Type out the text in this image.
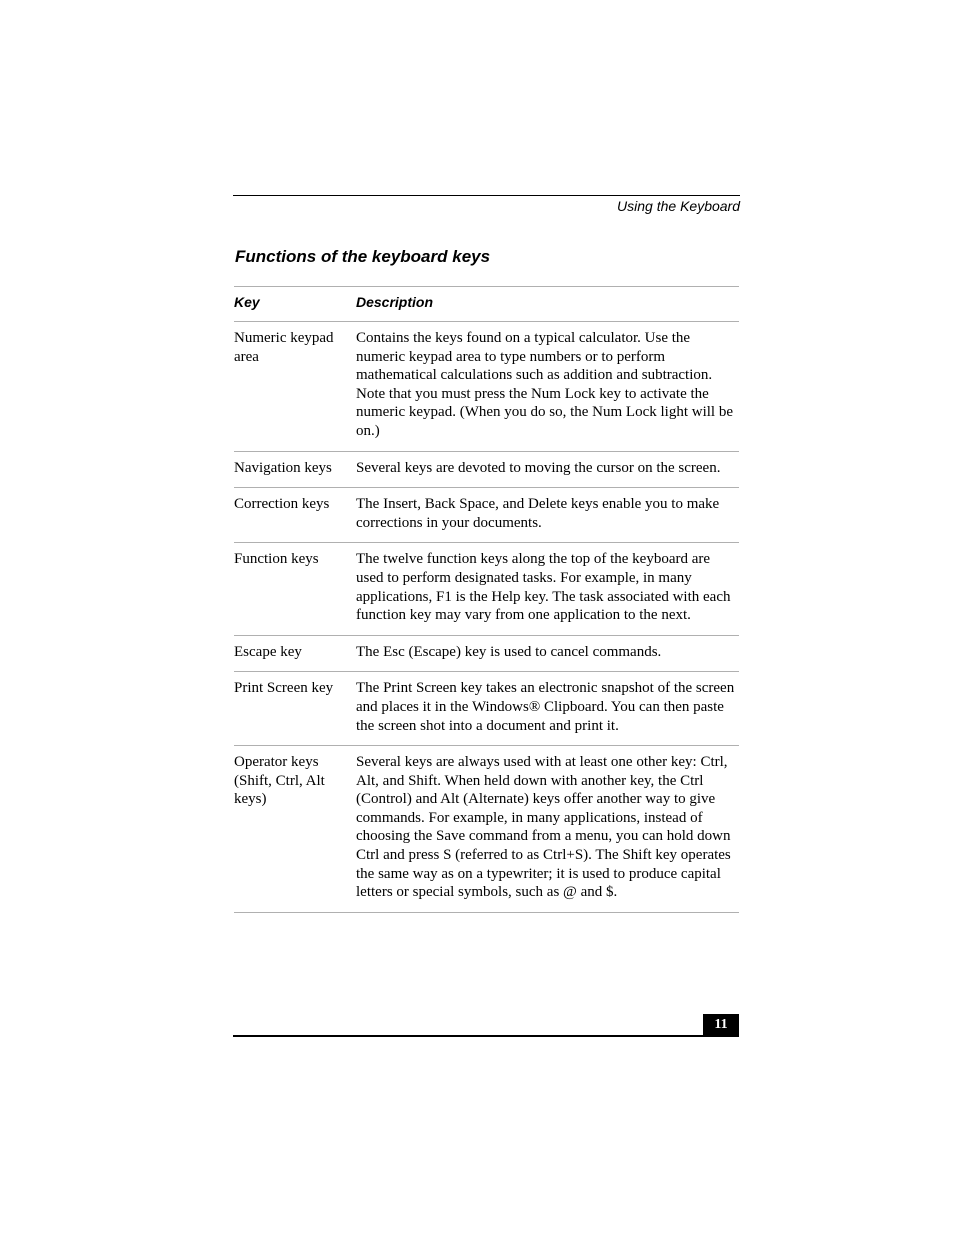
Using the Keyboard
Functions of the keyboard keys
Key	Description

Numeric keypad area	Contains the keys found on a typical calculator. Use the numeric keypad area to type numbers or to perform mathematical calculations such as addition and subtraction. Note that you must press the Num Lock key to activate the numeric keypad. (When you do so, the Num Lock light will be on.)
Navigation keys	Several keys are devoted to moving the cursor on the screen.
Correction keys	The Insert, Back Space, and Delete keys enable you to make corrections in your documents.
Function keys	The twelve function keys along the top of the keyboard are used to perform designated tasks. For example, in many applications, F1 is the Help key. The task associated with each function key may vary from one application to the next.
Escape key	The Esc (Escape) key is used to cancel commands.
Print Screen key	The Print Screen key takes an electronic snapshot of the screen and places it in the Windows® Clipboard. You can then paste the screen shot into a document and print it.

Operator keys (Shift, Ctrl, Alt keys)	Several keys are always used with at least one other key: Ctrl, Alt, and Shift. When held down with another key, the Ctrl (Control) and Alt (Alternate) keys offer another way to give commands. For example, in many applications, instead of choosing the Save command from a menu, you can hold down Ctrl and press S (referred to as Ctrl+S). The Shift key operates the same way as on a typewriter; it is used to produce capital letters or special symbols, such as @ and $.
11
